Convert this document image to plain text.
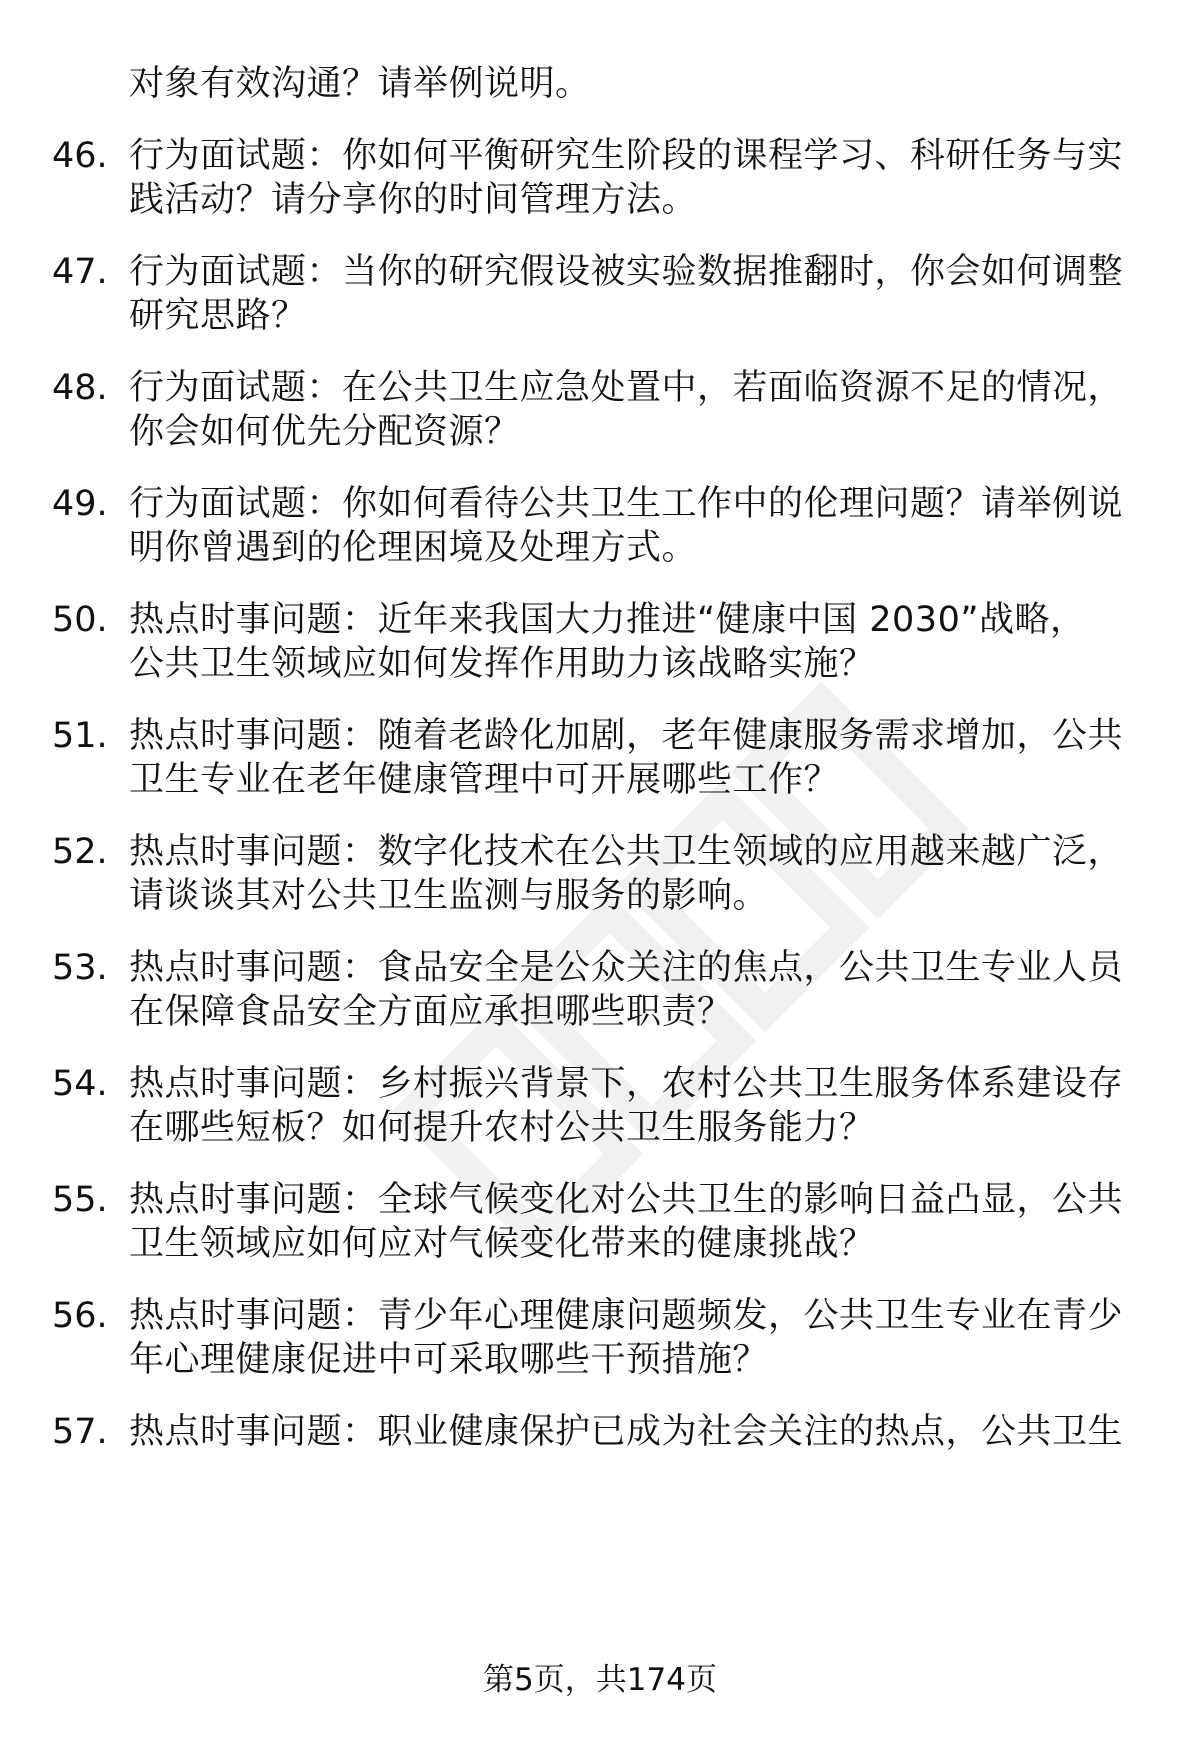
对象有效沟通？请举例说明。
46. 行为面试题：你如何平衡研究生阶段的课程学习、科研任务与实
践活动？请分享你的时间管理方法。
47. 行为面试题：当你的研究假设被实验数据推翻时，你会如何调整
研究思路？
48. 行为面试题：在公共卫生应急处置中，若面临资源不足的情况，
你会如何优先分配资源？
49. 行为面试题：你如何看待公共卫生工作中的伦理问题？请举例说
明你曾遇到的伦理困境及处理方式。
50. 热点时事问题：近年来我国大力推进“健康中国 2030”战略，
公共卫生领域应如何发挥作用助力该战略实施？
51. 热点时事问题：随着老龄化加剧，老年健康服务需求增加，公共
卫生专业在老年健康管理中可开展哪些工作？
52. 热点时事问题：数字化技术在公共卫生领域的应用越来越广泛，
请谈谈其对公共卫生监测与服务的影响。
53. 热点时事问题：食品安全是公众关注的焦点，公共卫生专业人员
在保障食品安全方面应承担哪些职责？
54. 热点时事问题：乡村振兴背景下，农村公共卫生服务体系建设存
在哪些短板？如何提升农村公共卫生服务能力？
55. 热点时事问题：全球气候变化对公共卫生的影响日益凸显，公共
卫生领域应如何应对气候变化带来的健康挑战？
56. 热点时事问题：青少年心理健康问题频发，公共卫生专业在青少
年心理健康促进中可采取哪些干预措施？
57. 热点时事问题：职业健康保护已成为社会关注的热点，公共卫生
第5页，共174页
